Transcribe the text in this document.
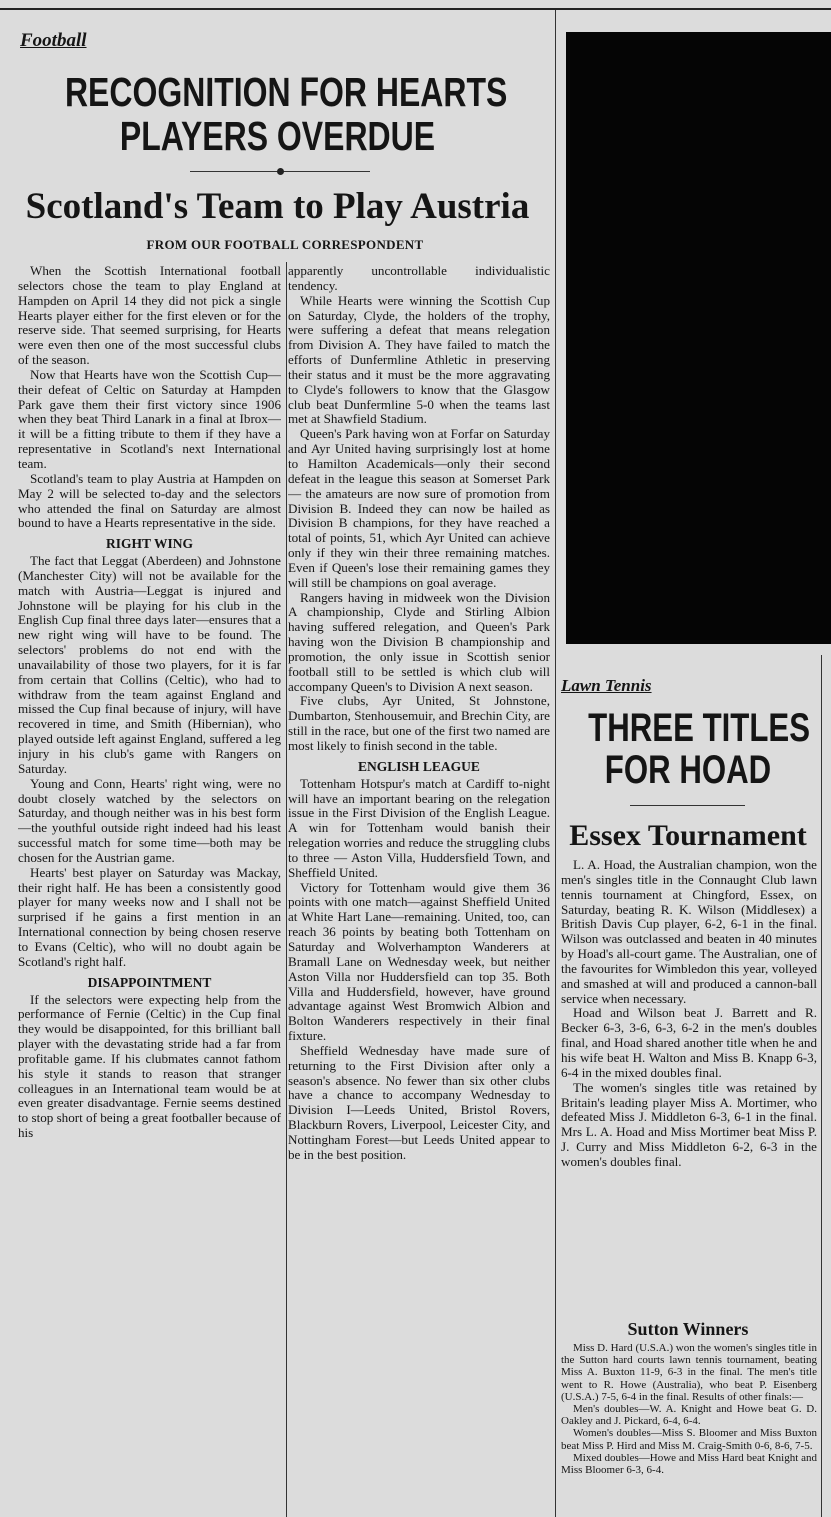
Football
RECOGNITION FOR HEARTS
PLAYERS OVERDUE
Scotland's Team to Play Austria
FROM OUR FOOTBALL CORRESPONDENT

When the Scottish International football selectors chose the team to play England at Hampden on April 14 they did not pick a single Hearts player either for the first eleven or for the reserve side. That seemed surprising, for Hearts were even then one of the most successful clubs of the season.

Now that Hearts have won the Scottish Cup—their defeat of Celtic on Saturday at Hampden Park gave them their first victory since 1906 when they beat Third Lanark in a final at Ibrox—it will be a fitting tribute to them if they have a representative in Scotland's next International team.

Scotland's team to play Austria at Hampden on May 2 will be selected to-day and the selectors who attended the final on Saturday are almost bound to have a Hearts representative in the side.

RIGHT WING

The fact that Leggat (Aberdeen) and Johnstone (Manchester City) will not be available for the match with Austria—Leggat is injured and Johnstone will be playing for his club in the English Cup final three days later—ensures that a new right wing will have to be found. The selectors' problems do not end with the unavailability of those two players, for it is far from certain that Collins (Celtic), who had to withdraw from the team against England and missed the Cup final because of injury, will have recovered in time, and Smith (Hibernian), who played outside left against England, suffered a leg injury in his club's game with Rangers on Saturday.

Young and Conn, Hearts' right wing, were no doubt closely watched by the selectors on Saturday, and though neither was in his best form—the youthful outside right indeed had his least successful match for some time—both may be chosen for the Austrian game.

Hearts' best player on Saturday was Mackay, their right half. He has been a consistently good player for many weeks now and I shall not be surprised if he gains a first mention in an International connection by being chosen reserve to Evans (Celtic), who will no doubt again be Scotland's right half.

DISAPPOINTMENT

If the selectors were expecting help from the performance of Fernie (Celtic) in the Cup final they would be disappointed, for this brilliant ball player with the devastating stride had a far from profitable game. If his clubmates cannot fathom his style it stands to reason that stranger colleagues in an International team would be at even greater disadvantage. Fernie seems destined to stop short of being a great footballer because of his

apparently uncontrollable individualistic tendency.

While Hearts were winning the Scottish Cup on Saturday, Clyde, the holders of the trophy, were suffering a defeat that means relegation from Division A. They have failed to match the efforts of Dunfermline Athletic in preserving their status and it must be the more aggravating to Clyde's followers to know that the Glasgow club beat Dunfermline 5-0 when the teams last met at Shawfield Stadium.

Queen's Park having won at Forfar on Saturday and Ayr United having surprisingly lost at home to Hamilton Academicals—only their second defeat in the league this season at Somerset Park — the amateurs are now sure of promotion from Division B. Indeed they can now be hailed as Division B champions, for they have reached a total of points, 51, which Ayr United can achieve only if they win their three remaining matches. Even if Queen's lose their remaining games they will still be champions on goal average.

Rangers having in midweek won the Division A championship, Clyde and Stirling Albion having suffered relegation, and Queen's Park having won the Division B championship and promotion, the only issue in Scottish senior football still to be settled is which club will accompany Queen's to Division A next season.

Five clubs, Ayr United, St Johnstone, Dumbarton, Stenhousemuir, and Brechin City, are still in the race, but one of the first two named are most likely to finish second in the table.

ENGLISH LEAGUE

Tottenham Hotspur's match at Cardiff to-night will have an important bearing on the relegation issue in the First Division of the English League. A win for Tottenham would banish their relegation worries and reduce the struggling clubs to three — Aston Villa, Huddersfield Town, and Sheffield United.

Victory for Tottenham would give them 36 points with one match—against Sheffield United at White Hart Lane—remaining. United, too, can reach 36 points by beating both Tottenham on Saturday and Wolverhampton Wanderers at Bramall Lane on Wednesday week, but neither Aston Villa nor Huddersfield can top 35. Both Villa and Huddersfield, however, have ground advantage against West Bromwich Albion and Bolton Wanderers respectively in their final fixture.

Sheffield Wednesday have made sure of returning to the First Division after only a season's absence. No fewer than six other clubs have a chance to accompany Wednesday to Division I—Leeds United, Bristol Rovers, Blackburn Rovers, Liverpool, Leicester City, and Nottingham Forest—but Leeds United appear to be in the best position.

Lawn Tennis
THREE TITLES
FOR HOAD
Essex Tournament

L. A. Hoad, the Australian champion, won the men's singles title in the Connaught Club lawn tennis tournament at Chingford, Essex, on Saturday, beating R. K. Wilson (Middlesex) a British Davis Cup player, 6-2, 6-1 in the final. Wilson was outclassed and beaten in 40 minutes by Hoad's all-court game. The Australian, one of the favourites for Wimbledon this year, volleyed and smashed at will and produced a cannon-ball service when necessary.

Hoad and Wilson beat J. Barrett and R. Becker 6-3, 3-6, 6-3, 6-2 in the men's doubles final, and Hoad shared another title when he and his wife beat H. Walton and Miss B. Knapp 6-3, 6-4 in the mixed doubles final.

The women's singles title was retained by Britain's leading player Miss A. Mortimer, who defeated Miss J. Middleton 6-3, 6-1 in the final. Mrs L. A. Hoad and Miss Mortimer beat Miss P. J. Curry and Miss Middleton 6-2, 6-3 in the women's doubles final.

Sutton Winners

Miss D. Hard (U.S.A.) won the women's singles title in the Sutton hard courts lawn tennis tournament, beating Miss A. Buxton 11-9, 6-3 in the final. The men's title went to R. Howe (Australia), who beat P. Eisenberg (U.S.A.) 7-5, 6-4 in the final. Results of other finals:—

Men's doubles—W. A. Knight and Howe beat G. D. Oakley and J. Pickard, 6-4, 6-4.

Women's doubles—Miss S. Bloomer and Miss Buxton beat Miss P. Hird and Miss M. Craig-Smith 0-6, 8-6, 7-5.

Mixed doubles—Howe and Miss Hard beat Knight and Miss Bloomer 6-3, 6-4.
